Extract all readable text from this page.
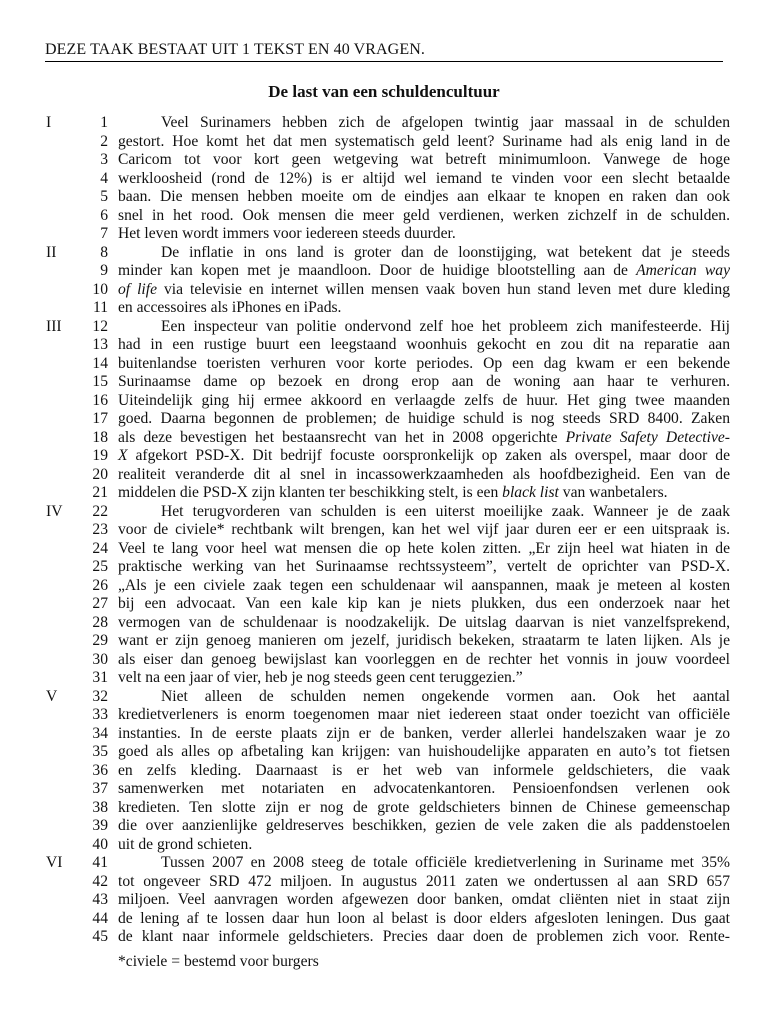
DEZE TAAK BESTAAT UIT 1 TEKST EN 40 VRAGEN.
De last van een schuldencultuur
I	1	Veel Surinamers hebben zich de afgelopen twintig jaar massaal in de schulden
2 gestort. Hoe komt het dat men systematisch geld leent? Suriname had als enig land in de
3 Caricom tot voor kort geen wetgeving wat betreft minimumloon. Vanwege de hoge
4 werkloosheid (rond de 12%) is er altijd wel iemand te vinden voor een slecht betaalde
5 baan. Die mensen hebben moeite om de eindjes aan elkaar te knopen en raken dan ook
6 snel in het rood. Ook mensen die meer geld verdienen, werken zichzelf in de schulden.
7 Het leven wordt immers voor iedereen steeds duurder.
II	8	De inflatie in ons land is groter dan de loonstijging, wat betekent dat je steeds
9 minder kan kopen met je maandloon. Door de huidige blootstelling aan de American way
10 of life via televisie en internet willen mensen vaak boven hun stand leven met dure kleding
11 en accessoires als iPhones en iPads.
III	12	Een inspecteur van politie ondervond zelf hoe het probleem zich manifesteerde. Hij
13 had in een rustige buurt een leegstaand woonhuis gekocht en zou dit na reparatie aan
14 buitenlandse toeristen verhuren voor korte periodes. Op een dag kwam er een bekende
15 Surinaamse dame op bezoek en drong erop aan de woning aan haar te verhuren.
16 Uiteindelijk ging hij ermee akkoord en verlaagde zelfs de huur. Het ging twee maanden
17 goed. Daarna begonnen de problemen; de huidige schuld is nog steeds SRD 8400. Zaken
18 als deze bevestigen het bestaansrecht van het in 2008 opgerichte Private Safety Detective-
19 X afgekort PSD-X. Dit bedrijf focuste oorspronkelijk op zaken als overspel, maar door de
20 realiteit veranderde dit al snel in incassowerkzaamheden als hoofdbezigheid. Een van de
21 middelen die PSD-X zijn klanten ter beschikking stelt, is een black list van wanbetalers.
IV	22	Het terugvorderen van schulden is een uiterst moeilijke zaak. Wanneer je de zaak
23 voor de civiele* rechtbank wilt brengen, kan het wel vijf jaar duren eer er een uitspraak is.
24 Veel te lang voor heel wat mensen die op hete kolen zitten. „Er zijn heel wat hiaten in de
25 praktische werking van het Surinaamse rechtssysteem”, vertelt de oprichter van PSD-X.
26 „Als je een civiele zaak tegen een schuldenaar wil aanspannen, maak je meteen al kosten
27 bij een advocaat. Van een kale kip kan je niets plukken, dus een onderzoek naar het
28 vermogen van de schuldenaar is noodzakelijk. De uitslag daarvan is niet vanzelfsprekend,
29 want er zijn genoeg manieren om jezelf, juridisch bekeken, straatarm te laten lijken. Als je
30 als eiser dan genoeg bewijslast kan voorleggen en de rechter het vonnis in jouw voordeel
31 velt na een jaar of vier, heb je nog steeds geen cent teruggezien.”
V	32	Niet alleen de schulden nemen ongekende vormen aan. Ook het aantal
33 kredietverleners is enorm toegenomen maar niet iedereen staat onder toezicht van officiële
34 instanties. In de eerste plaats zijn er de banken, verder allerlei handelszaken waar je zo
35 goed als alles op afbetaling kan krijgen: van huishoudelijke apparaten en auto’s tot fietsen
36 en zelfs kleding. Daarnaast is er het web van informele geldschieters, die vaak
37 samenwerken met notariaten en advocatenkantoren. Pensioenfondsen verlenen ook
38 kredieten. Ten slotte zijn er nog de grote geldschieters binnen de Chinese gemeenschap
39 die over aanzienlijke geldreserves beschikken, gezien de vele zaken die als paddenstoelen
40 uit de grond schieten.
VI	41	Tussen 2007 en 2008 steeg de totale officiële kredietverlening in Suriname met 35%
42 tot ongeveer SRD 472 miljoen. In augustus 2011 zaten we ondertussen al aan SRD 657
43 miljoen. Veel aanvragen worden afgewezen door banken, omdat cliënten niet in staat zijn
44 de lening af te lossen daar hun loon al belast is door elders afgesloten leningen. Dus gaat
45 de klant naar informele geldschieters. Precies daar doen de problemen zich voor. Rente-
*civiele = bestemd voor burgers
